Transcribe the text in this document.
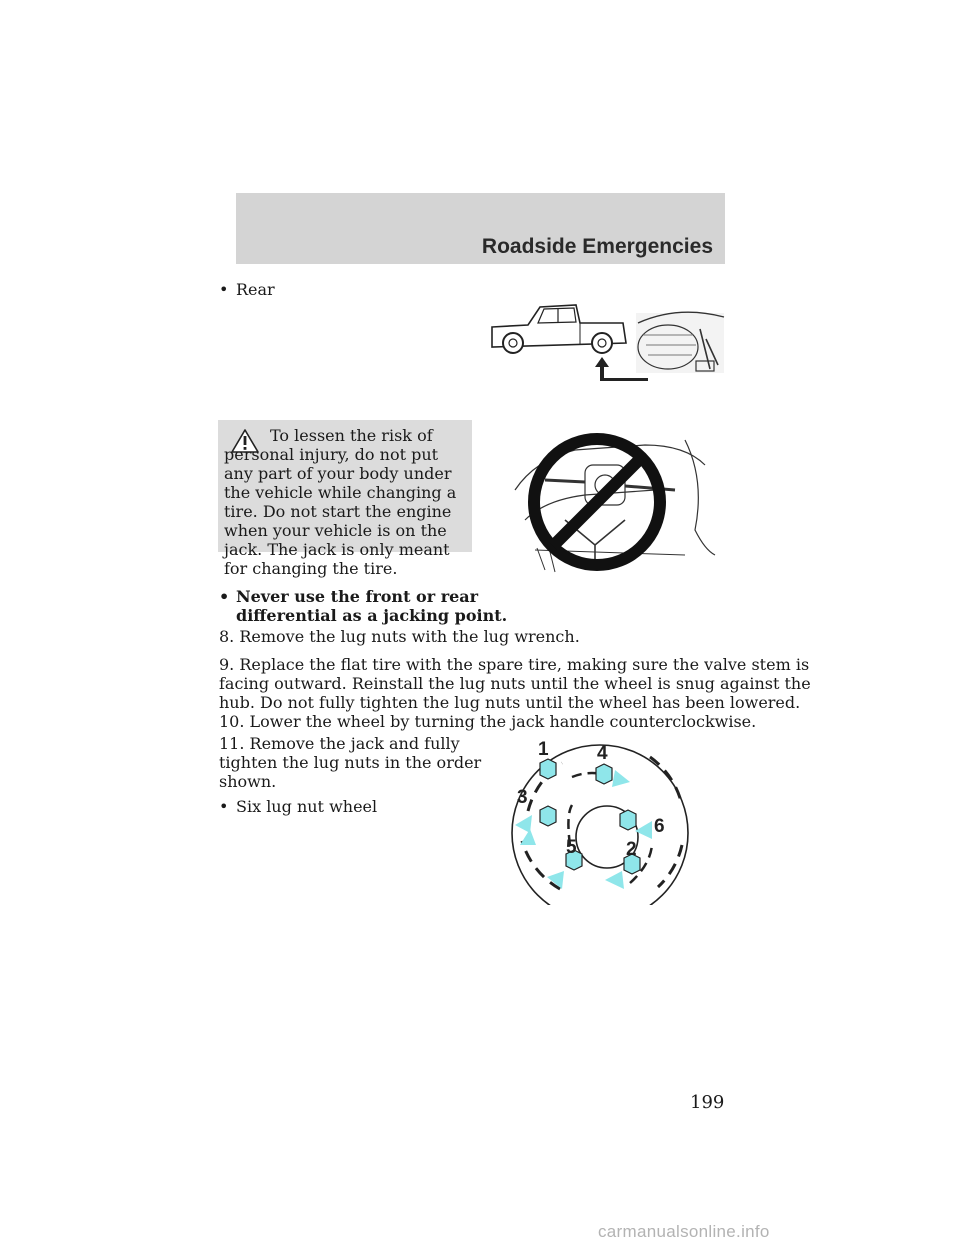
Roadside Emergencies
• Rear
To lessen the risk of personal injury, do not put any part of your body under the vehicle while changing a tire. Do not start the engine when your vehicle is on the jack. The jack is only meant for changing the tire.
• Never use the front or rear
differential as a jacking point.
8. Remove the lug nuts with the lug wrench.
9. Replace the flat tire with the spare tire, making sure the valve stem is
facing outward. Reinstall the lug nuts until the wheel is snug against the
hub. Do not fully tighten the lug nuts until the wheel has been lowered.
10. Lower the wheel by turning the jack handle counterclockwise.
11. Remove the jack and fully
tighten the lug nuts in the order
shown.
• Six lug nut wheel
1	4
3
6
5	2
199
carmanualsonline.info
